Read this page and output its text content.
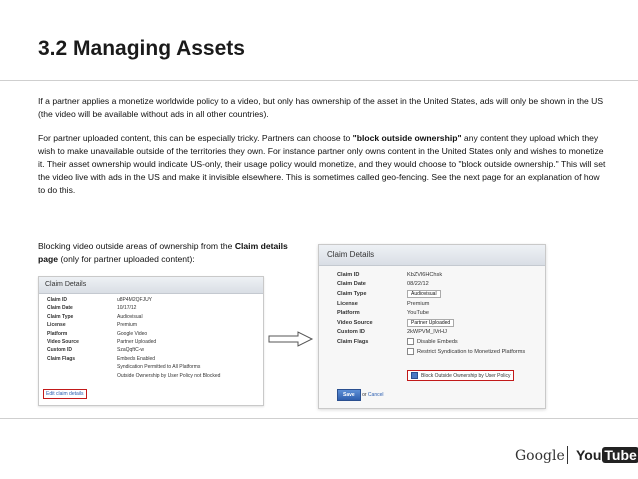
3.2 Managing Assets

If a partner applies a monetize worldwide policy to a video, but only has ownership of the asset in the United States, ads will only be shown in the US (the video will be available without ads in all other countries).

For partner uploaded content, this can be especially tricky. Partners can choose to "block outside ownership" any content they upload which they wish to make unavailable outside of the territories they own. For instance partner only owns content in the United States only and wishes to monetize it. Their asset ownership would indicate US-only, their usage policy would monetize, and they would choose to "block outside ownership." This will set the video live with ads in the US and make it invisible elsewhere. This is sometimes called geo-fencing. See the next page for an explanation of how to do this.

Blocking video outside areas of ownership from the Claim details page (only for partner uploaded content):

Claim Details
Claim ID	u8P4M2QFJUY
Claim Date	10/17/12
Claim Type	Audiovisual
License	Premium
Platform	Google Video
Video Source	Partner Uploaded
Custom ID	SzaQqftC-w
Claim Flags	Embeds Enabled
Syndication Permitted to All Platforms
Outside Ownership by User Policy not Blocked
Edit claim details
Claim Details
Claim ID	KbZVl6HChsk
Claim Date	08/22/12
Claim Type	Audiovisual
License	Premium
Platform	YouTube
Video Source	Partner Uploaded
Custom ID	2kWPVM_lVrHJ
Claim Flags	Disable Embeds
Restrict Syndication to Monetized Platforms
Block Outside Ownership by User Policy
Save or Cancel
Google You Tube
